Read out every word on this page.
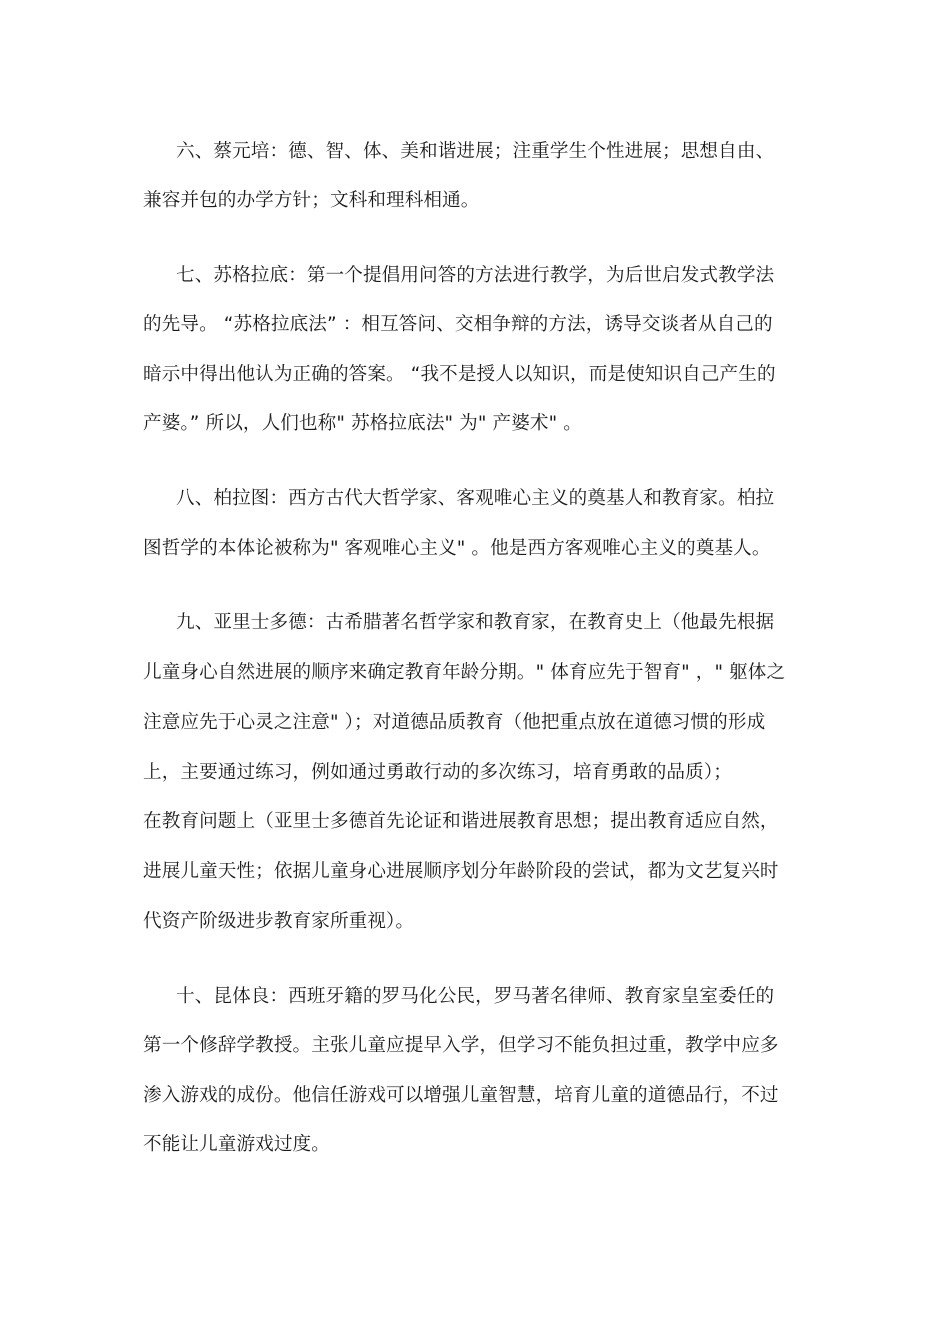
六、蔡元培：德、智、体、美和谐进展；注重学生个性进展；思想自由、
兼容并包的办学方针；文科和理科相通。
七、苏格拉底：第一个提倡用问答的方法进行教学，为后世启发式教学法
的先导。 “苏格拉底法” ：相互答问、交相争辩的方法，诱导交谈者从自己的
暗示中得出他认为正确的答案。 “我不是授人以知识，而是使知识自己产生的
产婆。” 所以，人们也称" 苏格拉底法" 为" 产婆术" 。
八、柏拉图：西方古代大哲学家、客观唯心主义的奠基人和教育家。柏拉
图哲学的本体论被称为" 客观唯心主义" 。他是西方客观唯心主义的奠基人。
九、亚里士多德：古希腊著名哲学家和教育家，在教育史上（他最先根据
儿童身心自然进展的顺序来确定教育年龄分期。" 体育应先于智育" ，" 躯体之
注意应先于心灵之注意" ）；对道德品质教育（他把重点放在道德习惯的形成
上，主要通过练习，例如通过勇敢行动的多次练习，培育勇敢的品质）；
在教育问题上（亚里士多德首先论证和谐进展教育思想；提出教育适应自然，
进展儿童天性；依据儿童身心进展顺序划分年龄阶段的尝试，都为文艺复兴时
代资产阶级进步教育家所重视）。
十、昆体良：西班牙籍的罗马化公民，罗马著名律师、教育家皇室委任的
第一个修辞学教授。主张儿童应提早入学，但学习不能负担过重，教学中应多
渗入游戏的成份。他信任游戏可以增强儿童智慧，培育儿童的道德品行，不过
不能让儿童游戏过度。
